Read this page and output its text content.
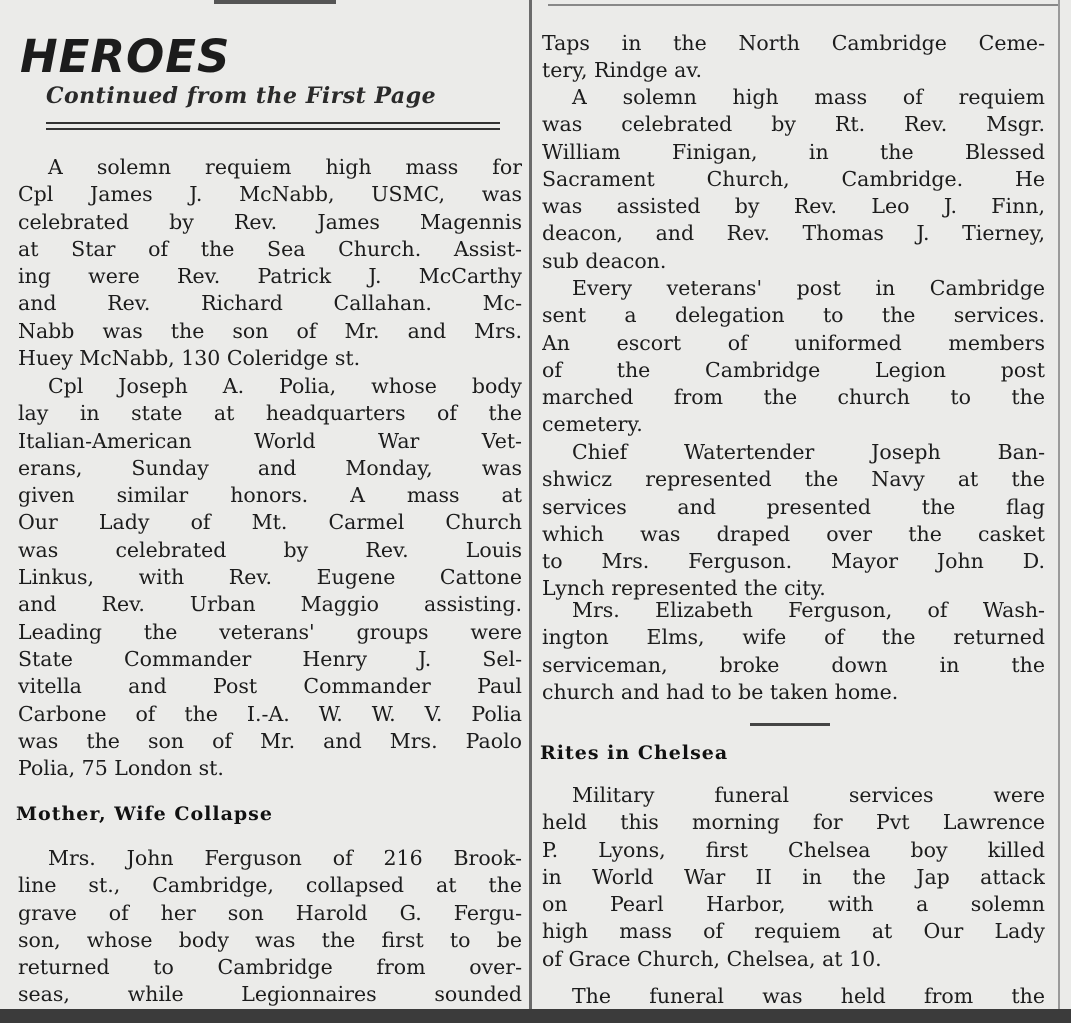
HEROES
Continued from the First Page
A solemn requiem high mass for
Cpl James J. McNabb, USMC, was
celebrated by Rev. James Magennis
at Star of the Sea Church. Assist-
ing were Rev. Patrick J. McCarthy
and Rev. Richard Callahan. Mc-
Nabb was the son of Mr. and Mrs.
Huey McNabb, 130 Coleridge st.
Cpl Joseph A. Polia, whose body
lay in state at headquarters of the
Italian-American World War Vet-
erans, Sunday and Monday, was
given similar honors. A mass at
Our Lady of Mt. Carmel Church
was celebrated by Rev. Louis
Linkus, with Rev. Eugene Cattone
and Rev. Urban Maggio assisting.
Leading the veterans' groups were
State Commander Henry J. Sel-
vitella and Post Commander Paul
Carbone of the I.-A. W. W. V. Polia
was the son of Mr. and Mrs. Paolo
Polia, 75 London st.
Mother, Wife Collapse
Mrs. John Ferguson of 216 Brook-
line st., Cambridge, collapsed at the
grave of her son Harold G. Fergu-
son, whose body was the first to be
returned to Cambridge from over-
seas, while Legionnaires sounded
Taps in the North Cambridge Ceme-
tery, Rindge av.
A solemn high mass of requiem
was celebrated by Rt. Rev. Msgr.
William Finigan, in the Blessed
Sacrament Church, Cambridge. He
was assisted by Rev. Leo J. Finn,
deacon, and Rev. Thomas J. Tierney,
sub deacon.
Every veterans' post in Cambridge
sent a delegation to the services.
An escort of uniformed members
of the Cambridge Legion post
marched from the church to the
cemetery.
Chief Watertender Joseph Ban-
shwicz represented the Navy at the
services and presented the flag
which was draped over the casket
to Mrs. Ferguson. Mayor John D.
Lynch represented the city.
Mrs. Elizabeth Ferguson, of Wash-
ington Elms, wife of the returned
serviceman, broke down in the
church and had to be taken home.
Rites in Chelsea
Military funeral services were
held this morning for Pvt Lawrence
P. Lyons, first Chelsea boy killed
in World War II in the Jap attack
on Pearl Harbor, with a solemn
high mass of requiem at Our Lady
of Grace Church, Chelsea, at 10.
The funeral was held from the
